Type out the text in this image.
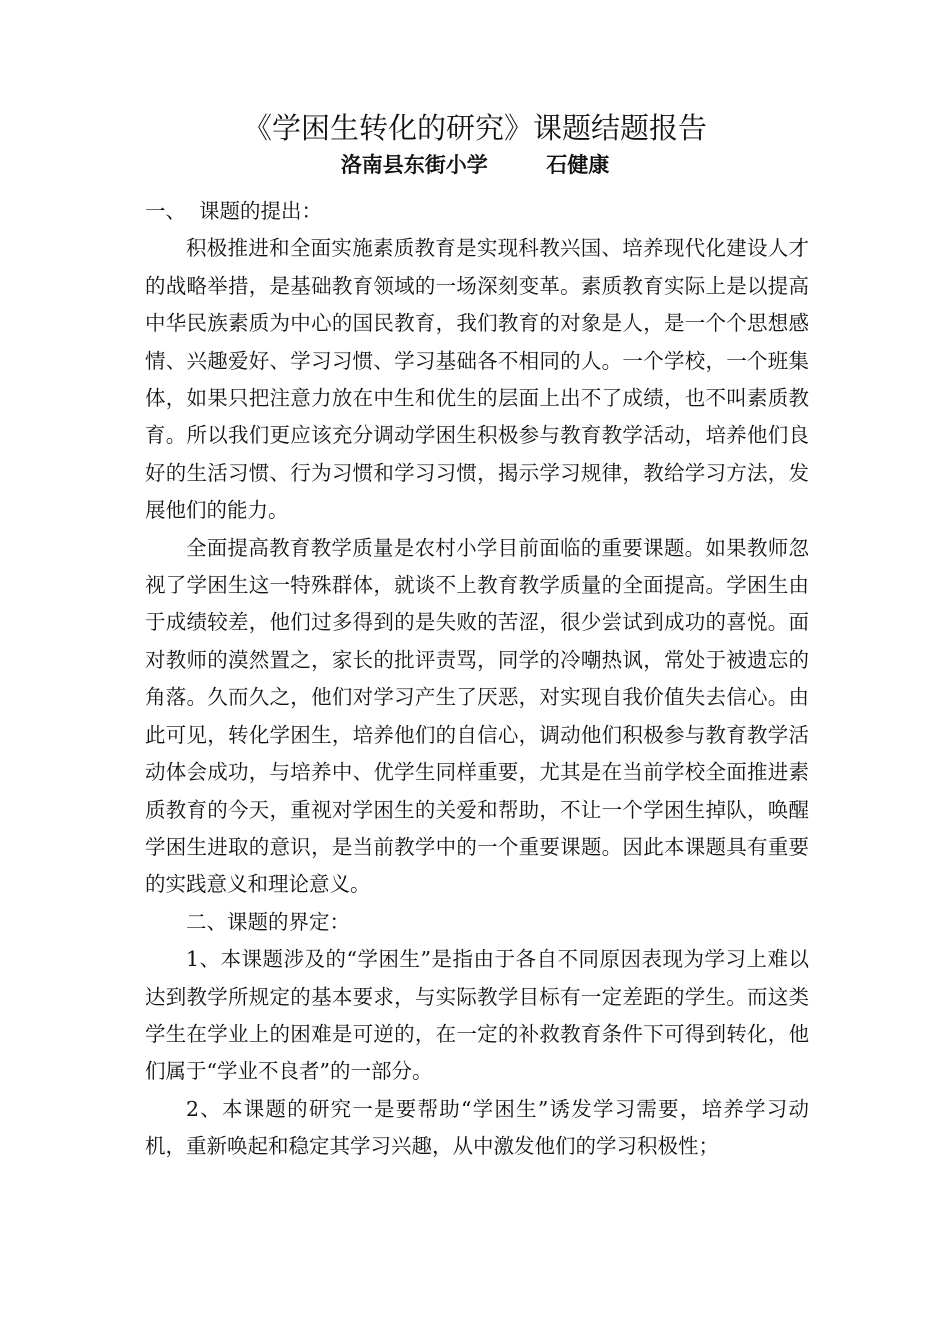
《学困生转化的研究》课题结题报告
洛南县东街小学        石健康

一、  课题的提出：

积极推进和全面实施素质教育是实现科教兴国、培养现代化建设人才的战略举措，是基础教育领域的一场深刻变革。素质教育实际上是以提高中华民族素质为中心的国民教育，我们教育的对象是人，是一个个思想感情、兴趣爱好、学习习惯、学习基础各不相同的人。一个学校，一个班集体，如果只把注意力放在中生和优生的层面上出不了成绩，也不叫素质教育。所以我们更应该充分调动学困生积极参与教育教学活动，培养他们良好的生活习惯、行为习惯和学习习惯，揭示学习规律，教给学习方法，发展他们的能力。

全面提高教育教学质量是农村小学目前面临的重要课题。如果教师忽视了学困生这一特殊群体，就谈不上教育教学质量的全面提高。学困生由于成绩较差，他们过多得到的是失败的苦涩，很少尝试到成功的喜悦。面对教师的漠然置之，家长的批评责骂，同学的冷嘲热讽，常处于被遗忘的角落。久而久之，他们对学习产生了厌恶，对实现自我价值失去信心。由此可见，转化学困生，培养他们的自信心，调动他们积极参与教育教学活动体会成功，与培养中、优学生同样重要，尤其是在当前学校全面推进素质教育的今天，重视对学困生的关爱和帮助，不让一个学困生掉队，唤醒学困生进取的意识，是当前教学中的一个重要课题。因此本课题具有重要的实践意义和理论意义。

二、课题的界定：

1、本课题涉及的“学困生”是指由于各自不同原因表现为学习上难以达到教学所规定的基本要求，与实际教学目标有一定差距的学生。而这类学生在学业上的困难是可逆的，在一定的补救教育条件下可得到转化，他们属于“学业不良者”的一部分。

2、本课题的研究一是要帮助“学困生”诱发学习需要，培养学习动机，重新唤起和稳定其学习兴趣，从中激发他们的学习积极性；
